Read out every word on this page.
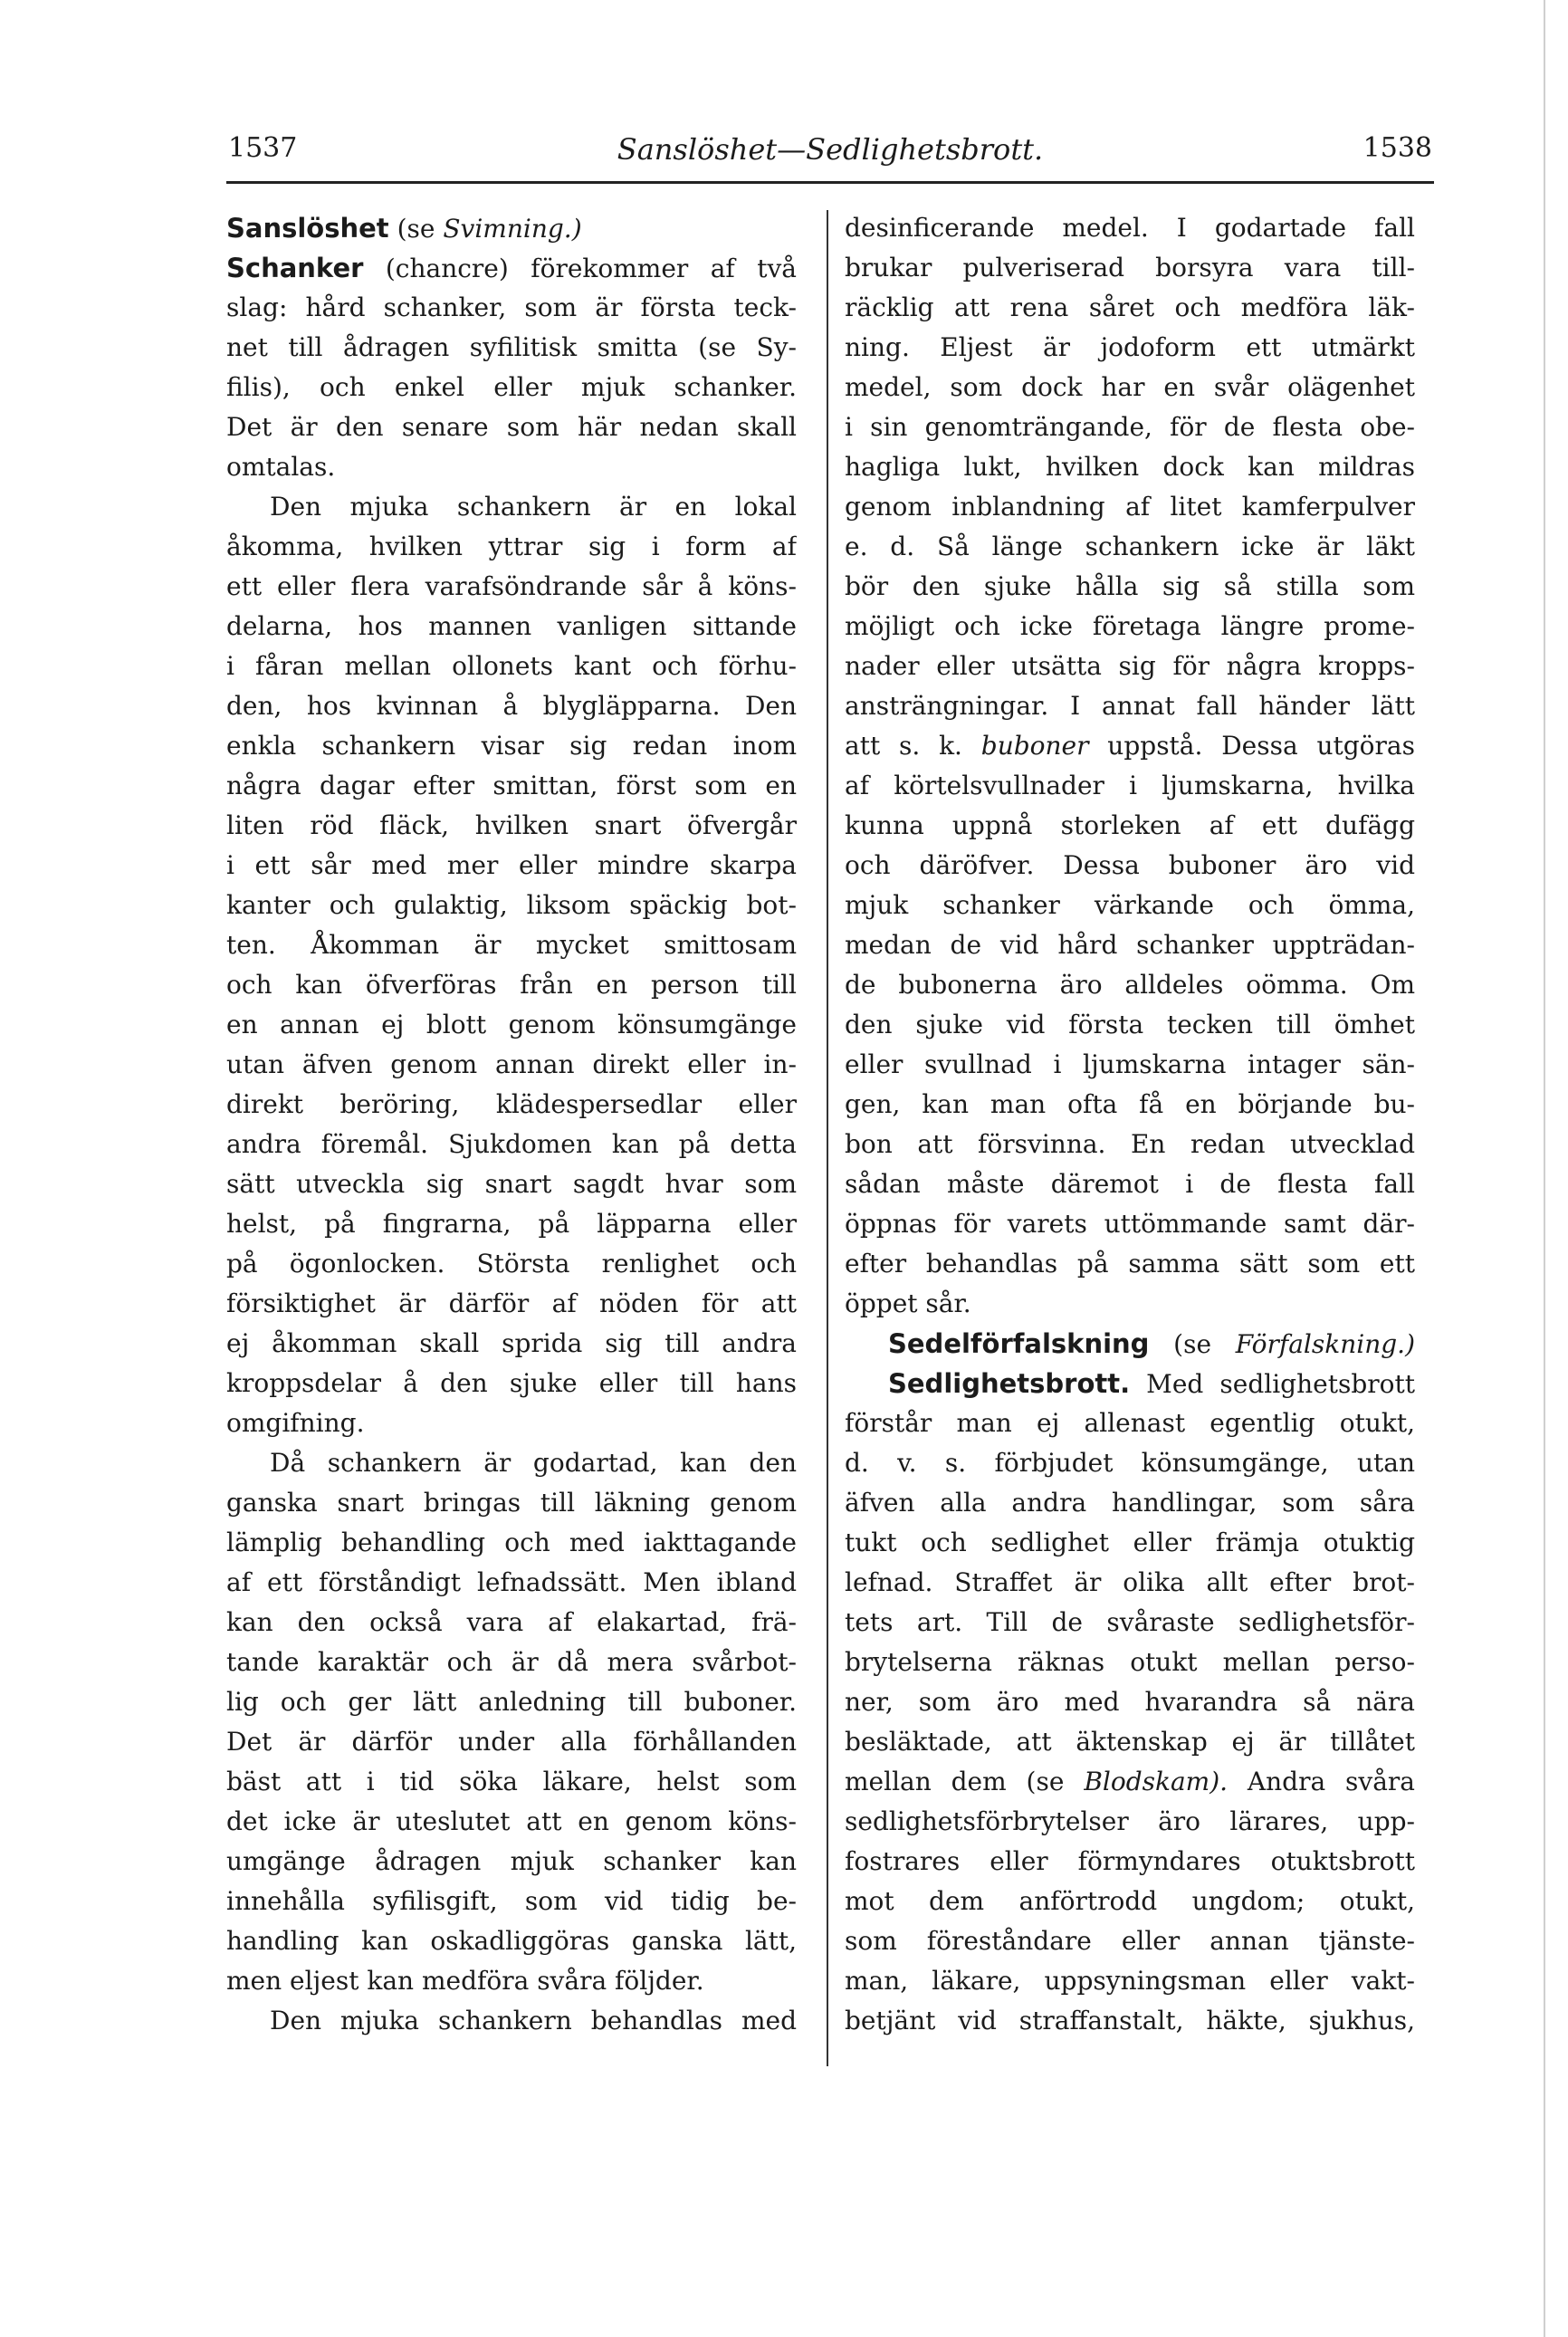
1537	Sanslöshet—Sedlighetsbrott.	1538
Sanslöshet (se Svimning.)
Schanker (chancre) förekommer af två
slag: hård schanker, som är första teck-
net till ådragen syfilitisk smitta (se Sy-
filis), och enkel eller mjuk schanker.
Det är den senare som här nedan skall
omtalas.
Den mjuka schankern är en lokal
åkomma, hvilken yttrar sig i form af
ett eller flera varafsöndrande sår å köns-
delarna, hos mannen vanligen sittande
i fåran mellan ollonets kant och förhu-
den, hos kvinnan å blygläpparna. Den
enkla schankern visar sig redan inom
några dagar efter smittan, först som en
liten röd fläck, hvilken snart öfvergår
i ett sår med mer eller mindre skarpa
kanter och gulaktig, liksom späckig bot-
ten. Åkomman är mycket smittosam
och kan öfverföras från en person till
en annan ej blott genom könsumgänge
utan äfven genom annan direkt eller in-
direkt beröring, klädespersedlar eller
andra föremål. Sjukdomen kan på detta
sätt utveckla sig snart sagdt hvar som
helst, på fingrarna, på läpparna eller
på ögonlocken. Största renlighet och
försiktighet är därför af nöden för att
ej åkomman skall sprida sig till andra
kroppsdelar å den sjuke eller till hans
omgifning.
Då schankern är godartad, kan den
ganska snart bringas till läkning genom
lämplig behandling och med iakttagande
af ett förståndigt lefnadssätt. Men ibland
kan den också vara af elakartad, frä-
tande karaktär och är då mera svårbot-
lig och ger lätt anledning till buboner.
Det är därför under alla förhållanden
bäst att i tid söka läkare, helst som
det icke är uteslutet att en genom köns-
umgänge ådragen mjuk schanker kan
innehålla syfilisgift, som vid tidig be-
handling kan oskadliggöras ganska lätt,
men eljest kan medföra svåra följder.
Den mjuka schankern behandlas med
desinficerande medel. I godartade fall
brukar pulveriserad borsyra vara till-
räcklig att rena såret och medföra läk-
ning. Eljest är jodoform ett utmärkt
medel, som dock har en svår olägenhet
i sin genomträngande, för de flesta obe-
hagliga lukt, hvilken dock kan mildras
genom inblandning af litet kamferpulver
e. d. Så länge schankern icke är läkt
bör den sjuke hålla sig så stilla som
möjligt och icke företaga längre prome-
nader eller utsätta sig för några kropps-
ansträngningar. I annat fall händer lätt
att s. k. buboner uppstå. Dessa utgöras
af körtelsvullnader i ljumskarna, hvilka
kunna uppnå storleken af ett dufägg
och däröfver. Dessa buboner äro vid
mjuk schanker värkande och ömma,
medan de vid hård schanker uppträdan-
de bubonerna äro alldeles oömma. Om
den sjuke vid första tecken till ömhet
eller svullnad i ljumskarna intager sän-
gen, kan man ofta få en börjande bu-
bon att försvinna. En redan utvecklad
sådan måste däremot i de flesta fall
öppnas för varets uttömmande samt där-
efter behandlas på samma sätt som ett
öppet sår.
Sedelförfalskning (se Förfalskning.)
Sedlighetsbrott. Med sedlighetsbrott
förstår man ej allenast egentlig otukt,
d. v. s. förbjudet könsumgänge, utan
äfven alla andra handlingar, som såra
tukt och sedlighet eller främja otuktig
lefnad. Straffet är olika allt efter brot-
tets art. Till de svåraste sedlighetsför-
brytelserna räknas otukt mellan perso-
ner, som äro med hvarandra så nära
besläktade, att äktenskap ej är tillåtet
mellan dem (se Blodskam). Andra svåra
sedlighetsförbrytelser äro lärares, upp-
fostrares eller förmyndares otuktsbrott
mot dem anförtrodd ungdom; otukt,
som föreståndare eller annan tjänste-
man, läkare, uppsyningsman eller vakt-
betjänt vid straffanstalt, häkte, sjukhus,
